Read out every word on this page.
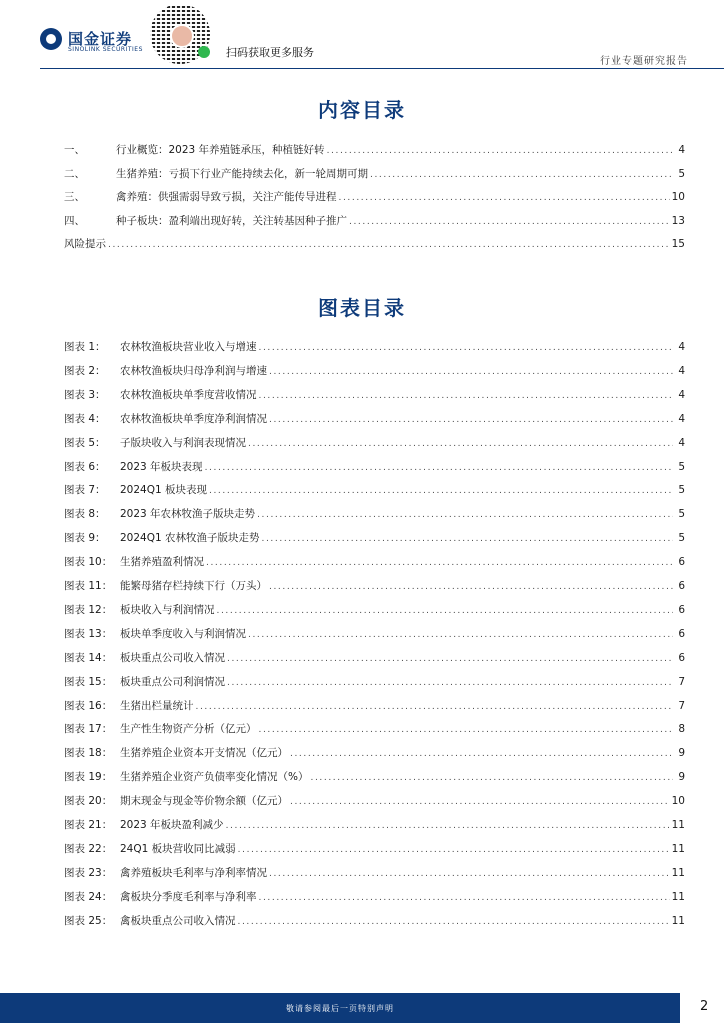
国金证券
SINOLINK SECURITIES	扫码获取更多服务
行业专题研究报告
内容目录
一、	行业概览：2023 年养殖链承压，种植链好转 .....	4
二、	生猪养殖：亏损下行业产能持续去化，新一轮周期可期 .....	5
三、	禽养殖：供强需弱导致亏损，关注产能传导进程 .....	10
四、	种子板块：盈利端出现好转，关注转基因种子推广 .....	13
风险提示 .....	15
图表目录
图表 1：	农林牧渔板块营业收入与增速 .....	4
图表 2：	农林牧渔板块归母净利润与增速 .....	4
图表 3：	农林牧渔板块单季度营收情况 .....	4
图表 4：	农林牧渔板块单季度净利润情况 .....	4
图表 5：	子版块收入与利润表现情况 .....	4
图表 6：	2023 年板块表现 .....	5
图表 7：	2024Q1 板块表现 .....	5
图表 8：	2023 年农林牧渔子版块走势 .....	5
图表 9：	2024Q1 农林牧渔子版块走势 .....	5
图表 10： 生猪养殖盈利情况 .....	6
图表 11： 能繁母猪存栏持续下行（万头） .....	6
图表 12： 板块收入与利润情况 .....	6
图表 13： 板块单季度收入与利润情况 .....	6
图表 14： 板块重点公司收入情况 .....	6
图表 15： 板块重点公司利润情况 .....	7
图表 16： 生猪出栏量统计 .....	7
图表 17： 生产性生物资产分析（亿元） .....	8
图表 18： 生猪养殖企业资本开支情况（亿元） .....	9
图表 19： 生猪养殖企业资产负债率变化情况（%） .....	9
图表 20： 期末现金与现金等价物余额（亿元） .....	10
图表 21： 2023 年板块盈利减少 .....	11
图表 22： 24Q1 板块营收同比减弱 .....	11
图表 23： 禽养殖板块毛利率与净利率情况 .....	11
图表 24： 禽板块分季度毛利率与净利率 .....	11
图表 25： 禽板块重点公司收入情况 .....	11
敬请参阅最后一页特别声明	2
